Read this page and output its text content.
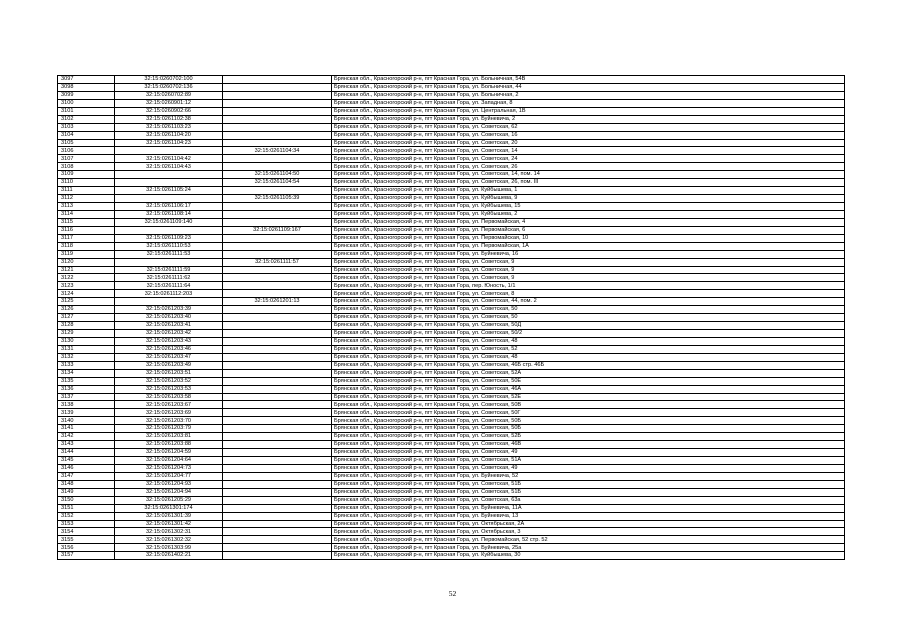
3097	32:15:0260702:100		Брянская обл., Красногорский р-н, пгт Красная Гора, ул. Больничная, 54В
3098	32:15:0260702:136		Брянская обл., Красногорский р-н, пгт Красная Гора, ул. Больничная, 44
3099	32:15:0260702:89		Брянская обл., Красногорский р-н, пгт Красная Гора, ул. Больничная, 2
3100	32:15:0260901:12		Брянская обл., Красногорский р-н, пгт Красная Гора, ул. Западная, 8
3101	32:15:0260902:66		Брянская обл., Красногорский р-н, пгт Красная Гора, ул. Центральная, 1В
3102	32:15:0261102:38		Брянская обл., Красногорский р-н, пгт Красная Гора, ул. Буйневича, 2
3103	32:15:0261103:23		Брянская обл., Красногорский р-н, пгт Красная Гора, ул. Советская, 62
3104	32:15:0261104:20		Брянская обл., Красногорский р-н, пгт Красная Гора, ул. Советская, 16
3105	32:15:0261104:23		Брянская обл., Красногорский р-н, пгт Красная Гора, ул. Советская, 20
3106		32:15:0261104:34	Брянская обл., Красногорский р-н, пгт Красная Гора, ул. Советская, 14
3107	32:15:0261104:42		Брянская обл., Красногорский р-н, пгт Красная Гора, ул. Советская, 24
3108	32:15:0261104:43		Брянская обл., Красногорский р-н, пгт Красная Гора, ул. Советская, 26
3109		32:15:0261104:50	Брянская обл., Красногорский р-н, пгт Красная Гора, ул. Советская, 14, пом. 14
3110		32:15:0261104:54	Брянская обл., Красногорский р-н, пгт Красная Гора, ул. Советская, 26, пом. III
3111	32:15:0261105:24		Брянская обл., Красногорский р-н, пгт Красная Гора, ул. Куйбышева, 1
3112		32:15:0261105:39	Брянская обл., Красногорский р-н, пгт Красная Гора, ул. Куйбышева, 9
3113	32:15:0261106:17		Брянская обл., Красногорский р-н, пгт Красная Гора, ул. Куйбышева, 15
3114	32:15:0261108:14		Брянская обл., Красногорский р-н, пгт Красная Гора, ул. Куйбышева, 2
3115	32:15:0261109:140		Брянская обл., Красногорский р-н, пгт Красная Гора, ул. Первомайская, 4
3116		32:15:0261109:167	Брянская обл., Красногорский р-н, пгт Красная Гора, ул. Первомайская, 6
3117	32:15:0261109:23		Брянская обл., Красногорский р-н, пгт Красная Гора, ул. Первомайская, 10
3118	32:15:0261110:53		Брянская обл., Красногорский р-н, пгт Красная Гора, ул. Первомайская, 1А
3119	32:15:0261111:53		Брянская обл., Красногорский р-н, пгт Красная Гора, ул. Буйневича, 16
3120		32:15:0261111:57	Брянская обл., Красногорский р-н, пгт Красная Гора, ул. Советская, 9
3121	32:15:0261111:59		Брянская обл., Красногорский р-н, пгт Красная Гора, ул. Советская, 9
3122	32:15:0261111:62		Брянская обл., Красногорский р-н, пгт Красная Гора, ул. Советская, 9
3123	32:15:0261111:64		Брянская обл., Красногорский р-н, пгт Красная Гора, пер. Юность, 1/1
3124	32:15:0261112:203		Брянская обл., Красногорский р-н, пгт Красная Гора, ул. Советская, 8
3125		32:15:0261201:13	Брянская обл., Красногорский р-н, пгт Красная Гора, ул. Советская, 44, пом. 2
3126	32:15:0261203:39		Брянская обл., Красногорский р-н, пгт Красная Гора, ул. Советская, 50
3127	32:15:0261203:40		Брянская обл., Красногорский р-н, пгт Красная Гора, ул. Советская, 50
3128	32:15:0261203:41		Брянская обл., Красногорский р-н, пгт Красная Гора, ул. Советская, 50Д
3129	32:15:0261203:42		Брянская обл., Красногорский р-н, пгт Красная Гора, ул. Советская, 50/2
3130	32:15:0261203:43		Брянская обл., Красногорский р-н, пгт Красная Гора, ул. Советская, 48
3131	32:15:0261203:46		Брянская обл., Красногорский р-н, пгт Красная Гора, ул. Советская, 52
3132	32:15:0261203:47		Брянская обл., Красногорский р-н, пгт Красная Гора, ул. Советская, 48
3133	32:15:0261203:49		Брянская обл., Красногорский р-н, пгт Красная Гора, ул. Советская, 46Б стр. 46Б
3134	32:15:0261203:51		Брянская обл., Красногорский р-н, пгт Красная Гора, ул. Советская, 52А
3135	32:15:0261203:52		Брянская обл., Красногорский р-н, пгт Красная Гора, ул. Советская, 50Е
3136	32:15:0261203:53		Брянская обл., Красногорский р-н, пгт Красная Гора, ул. Советская, 46А
3137	32:15:0261203:58		Брянская обл., Красногорский р-н, пгт Красная Гора, ул. Советская, 52Е
3138	32:15:0261203:67		Брянская обл., Красногорский р-н, пгт Красная Гора, ул. Советская, 50В
3139	32:15:0261203:69		Брянская обл., Красногорский р-н, пгт Красная Гора, ул. Советская, 50Г
3140	32:15:0261203:70		Брянская обл., Красногорский р-н, пгт Красная Гора, ул. Советская, 50Б
3141	32:15:0261203:79		Брянская обл., Красногорский р-н, пгт Красная Гора, ул. Советская, 50Б
3142	32:15:0261203:81		Брянская обл., Красногорский р-н, пгт Красная Гора, ул. Советская, 52Б
3143	32:15:0261203:88		Брянская обл., Красногорский р-н, пгт Красная Гора, ул. Советская, 46В
3144	32:15:0261204:59		Брянская обл., Красногорский р-н, пгт Красная Гора, ул. Советская, 49
3145	32:15:0261204:64		Брянская обл., Красногорский р-н, пгт Красная Гора, ул. Советская, 51А
3146	32:15:0261204:73		Брянская обл., Красногорский р-н, пгт Красная Гора, ул. Советская, 49
3147	32:15:0261204:77		Брянская обл., Красногорский р-н, пгт Красная Гора, ул. Буйневича, 52
3148	32:15:0261204:93		Брянская обл., Красногорский р-н, пгт Красная Гора, ул. Советская, 51Б
3149	32:15:0261204:94		Брянская обл., Красногорский р-н, пгт Красная Гора, ул. Советская, 51Б
3150	32:15:0261205:29		Брянская обл., Красногорский р-н, пгт Красная Гора, ул. Советская, 63а
3151	32:15:0261301:174		Брянская обл., Красногорский р-н, пгт Красная Гора, ул. Буйневича, 11А
3152	32:15:0261301:39		Брянская обл., Красногорский р-н, пгт Красная Гора, ул. Буйневича, 13
3153	32:15:0261301:42		Брянская обл., Красногорский р-н, пгт Красная Гора, ул. Октябрьская, 2А
3154	32:15:0261302:31		Брянская обл., Красногорский р-н, пгт Красная Гора, ул. Октябрьская, 3
3155	32:15:0261302:32		Брянская обл., Красногорский р-н, пгт Красная Гора, ул. Первомайская, 52 стр. 52
3156	32:15:0261303:99		Брянская обл., Красногорский р-н, пгт Красная Гора, ул. Буйневича, 25а
3157	32:15:0261402:21		Брянская обл., Красногорский р-н, пгт Красная Гора, ул. Куйбышева, 30
52
